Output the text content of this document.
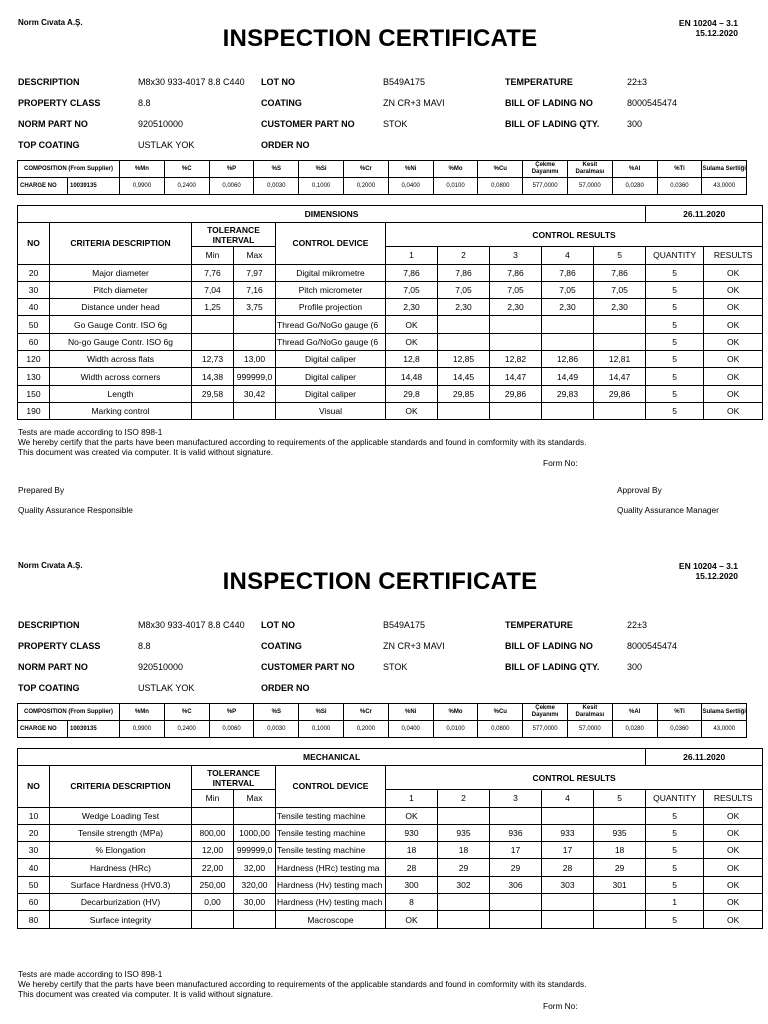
Norm Cıvata A.Ş.	EN 10204 – 3.1
15.12.2020
INSPECTION CERTIFICATE
DESCRIPTION	M8x30 933-4017 8.8 C440 LOT NO	B549A175	TEMPERATURE	22±3
PROPERTY CLASS	8.8	COATING	ZN CR+3 MAVI	BILL OF LADING NO	8000545474
NORM PART NO	920510000	CUSTOMER PART NO	STOK	BILL OF LADING QTY.	300
TOP COATING	USTLAK YOK	ORDER NO
COMPOSITION (From Supplier)		%Mn	%C	%P	%S	%Si	%Cr	%Ni	%Mo	%Cu	Çekme Dayanımı	Kesit Daralması	%Al	%Ti	Sulama Sertliği
CHARGE NO	10039135	0,9900	0,2400	0,0060	0,0030	0,1000	0,2000	0,0400	0,0100	0,0800	577,0000	57,0000	0,0280	0,0360	43,0000
DIMENSIONS										26.11.2020	
NO	CRITERIA DESCRIPTION	TOLERANCE INTERVAL		CONTROL DEVICE	CONTROL RESULTS						
		Min	Max		1	2	3	4	5	QUANTITY	RESULTS
20	Major diameter	7,76	7,97	Digital mikrometre	7,86	7,86	7,86	7,86	7,86	5	OK
30	Pitch diameter	7,04	7,16	Pitch micrometer	7,05	7,05	7,05	7,05	7,05	5	OK
40	Distance under head	1,25	3,75	Profile projection	2,30	2,30	2,30	2,30	2,30	5	OK
50	Go Gauge Contr. ISO 6g			Thread Go/NoGo gauge (6	OK					5	OK
60	No-go Gauge Contr. ISO 6g			Thread Go/NoGo gauge (6	OK					5	OK
120	Width across flats	12,73	13,00	Digital caliper	12,8	12,85	12,82	12,86	12,81	5	OK
130	Width across corners	14,38	999999,0	Digital caliper	14,48	14,45	14,47	14,49	14,47	5	OK
150	Length	29,58	30,42	Digital caliper	29,8	29,85	29,86	29,83	29,86	5	OK
190	Marking control			Visual	OK					5	OK
Tests are made according to ISO 898-1
We hereby certify that the parts have been manufactured according to requirements of the applicable standards and found in comformity with its standards.
This document was created via computer. It is valid without signature.
Form No:
Prepared By	Approval By
Quality Assurance Responsible	Quality Assurance Manager
Norm Cıvata A.Ş.	EN 10204 – 3.1
15.12.2020
INSPECTION CERTIFICATE
DESCRIPTION	M8x30 933-4017 8.8 C440 LOT NO	B549A175	TEMPERATURE	22±3
PROPERTY CLASS	8.8	COATING	ZN CR+3 MAVI	BILL OF LADING NO	8000545474
NORM PART NO	920510000	CUSTOMER PART NO	STOK	BILL OF LADING QTY.	300
TOP COATING	USTLAK YOK	ORDER NO
COMPOSITION (From Supplier)		%Mn	%C	%P	%S	%Si	%Cr	%Ni	%Mo	%Cu	Çekme Dayanımı	Kesit Daralması	%Al	%Ti	Sulama Sertliği
CHARGE NO	10039135	0,9900	0,2400	0,0060	0,0030	0,1000	0,2000	0,0400	0,0100	0,0800	577,0000	57,0000	0,0280	0,0360	43,0000
MECHANICAL										26.11.2020	
NO	CRITERIA DESCRIPTION	TOLERANCE INTERVAL		CONTROL DEVICE	CONTROL RESULTS						
		Min	Max		1	2	3	4	5	QUANTITY	RESULTS
10	Wedge Loading Test			Tensile testing machine	OK					5	OK
20	Tensile strength (MPa)	800,00	1000,00	Tensile testing machine	930	935	936	933	935	5	OK
30	% Elongation	12,00	999999,0	Tensile testing machine	18	18	17	17	18	5	OK
40	Hardness (HRc)	22,00	32,00	Hardness (HRc) testing ma	28	29	29	28	29	5	OK
50	Surface Hardness (HV0.3)	250,00	320,00	Hardness (Hv) testing mach	300	302	306	303	301	5	OK
60	Decarburization (HV)	0,00	30,00	Hardness (Hv) testing mach	8					1	OK
80	Surface integrity			Macroscope	OK					5	OK
Tests are made according to ISO 898-1
We hereby certify that the parts have been manufactured according to requirements of the applicable standards and found in comformity with its standards.
This document was created via computer. It is valid without signature.
Form No:
